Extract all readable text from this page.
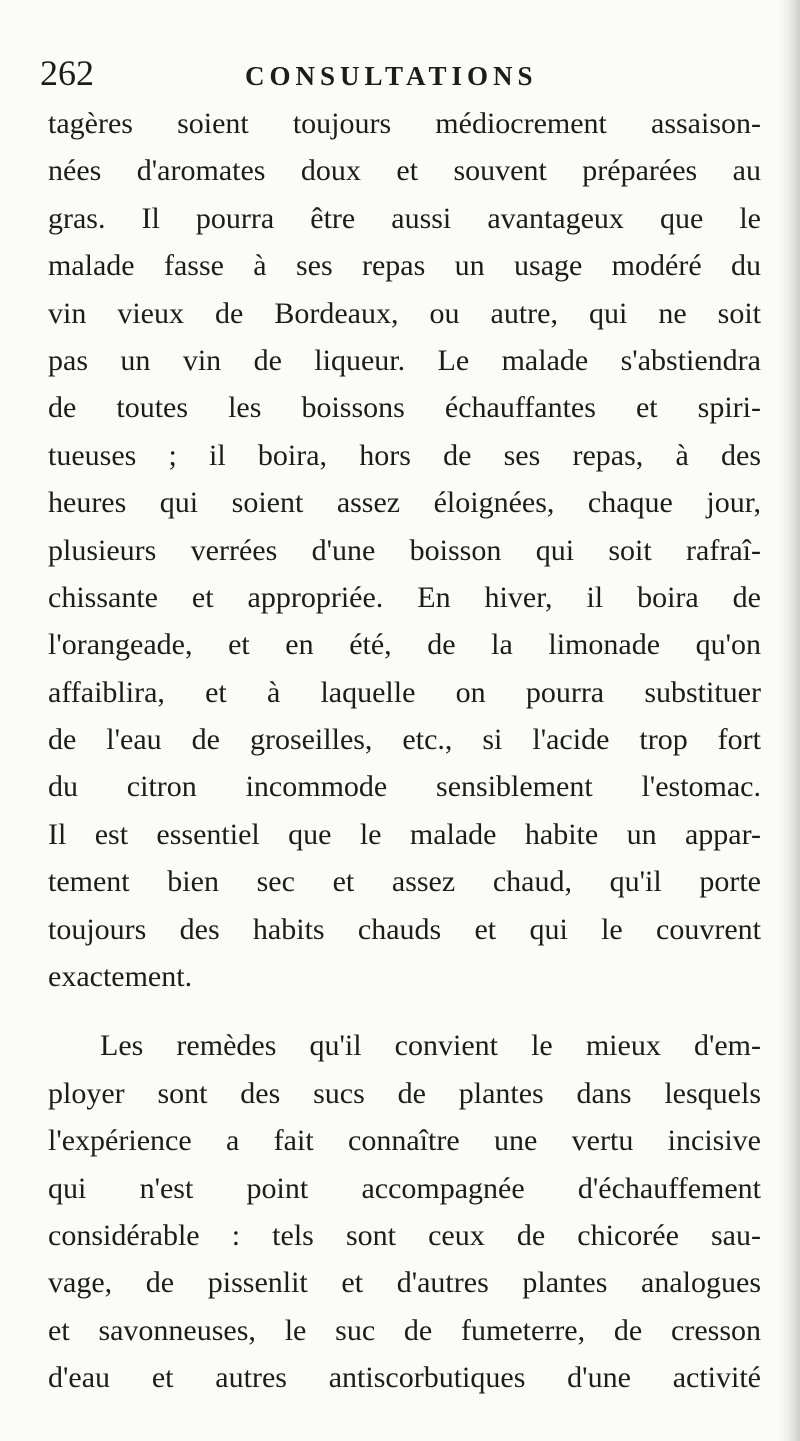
262	CONSULTATIONS
tagères soient toujours médiocrement assaison-
nées d'aromates doux et souvent préparées au
gras. Il pourra être aussi avantageux que le
malade fasse à ses repas un usage modéré du
vin vieux de Bordeaux, ou autre, qui ne soit
pas un vin de liqueur. Le malade s'abstiendra
de toutes les boissons échauffantes et spiri-
tueuses ; il boira, hors de ses repas, à des
heures qui soient assez éloignées, chaque jour,
plusieurs verrées d'une boisson qui soit rafraî-
chissante et appropriée. En hiver, il boira de
l'orangeade, et en été, de la limonade qu'on
affaiblira, et à laquelle on pourra substituer
de l'eau de groseilles, etc., si l'acide trop fort
du citron incommode sensiblement l'estomac.
Il est essentiel que le malade habite un appar-
tement bien sec et assez chaud, qu'il porte
toujours des habits chauds et qui le couvrent
exactement.
Les remèdes qu'il convient le mieux d'em-
ployer sont des sucs de plantes dans lesquels
l'expérience a fait connaître une vertu incisive
qui n'est point accompagnée d'échauffement
considérable : tels sont ceux de chicorée sau-
vage, de pissenlit et d'autres plantes analogues
et savonneuses, le suc de fumeterre, de cresson
d'eau et autres antiscorbutiques d'une activité
